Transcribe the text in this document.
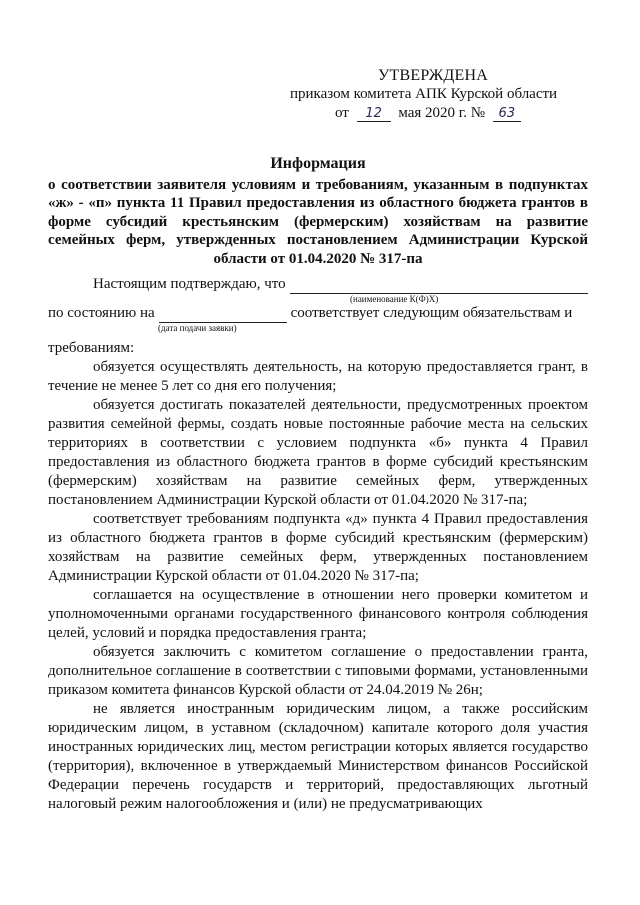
УТВЕРЖДЕНА
приказом комитета АПК Курской области
от 12 мая 2020 г. № 63
Информация
о соответствии заявителя условиям и требованиям, указанным в подпунктах «ж» - «п» пункта 11 Правил предоставления из областного бюджета грантов в форме субсидий крестьянским (фермерским) хозяйствам на развитие семейных ферм, утвержденных постановлением Администрации Курской области от 01.04.2020 № 317-па
Настоящим подтверждаю, что
(наименование К(Ф)Х)
по состоянию на	соответствует следующим обязательствам и
(дата подачи заявки)

требованиям:

обязуется осуществлять деятельность, на которую предоставляется грант, в течение не менее 5 лет со дня его получения;

обязуется достигать показателей деятельности, предусмотренных проектом развития семейной фермы, создать новые постоянные рабочие места на сельских территориях в соответствии с условием подпункта «б» пункта 4 Правил предоставления из областного бюджета грантов в форме субсидий крестьянским (фермерским) хозяйствам на развитие семейных ферм, утвержденных постановлением Администрации Курской области от 01.04.2020 № 317-па;

соответствует требованиям подпункта «д» пункта 4 Правил предоставления из областного бюджета грантов в форме субсидий крестьянским (фермерским) хозяйствам на развитие семейных ферм, утвержденных постановлением Администрации Курской области от 01.04.2020 № 317-па;

соглашается на осуществление в отношении него проверки комитетом и уполномоченными органами государственного финансового контроля соблюдения целей, условий и порядка предоставления гранта;

обязуется заключить с комитетом соглашение о предоставлении гранта, дополнительное соглашение в соответствии с типовыми формами, установленными приказом комитета финансов Курской области от 24.04.2019 № 26н;

не является иностранным юридическим лицом, а также российским юридическим лицом, в уставном (складочном) капитале которого доля участия иностранных юридических лиц, местом регистрации которых является государство (территория), включенное в утверждаемый Министерством финансов Российской Федерации перечень государств и территорий, предоставляющих льготный налоговый режим налогообложения и (или) не предусматривающих
